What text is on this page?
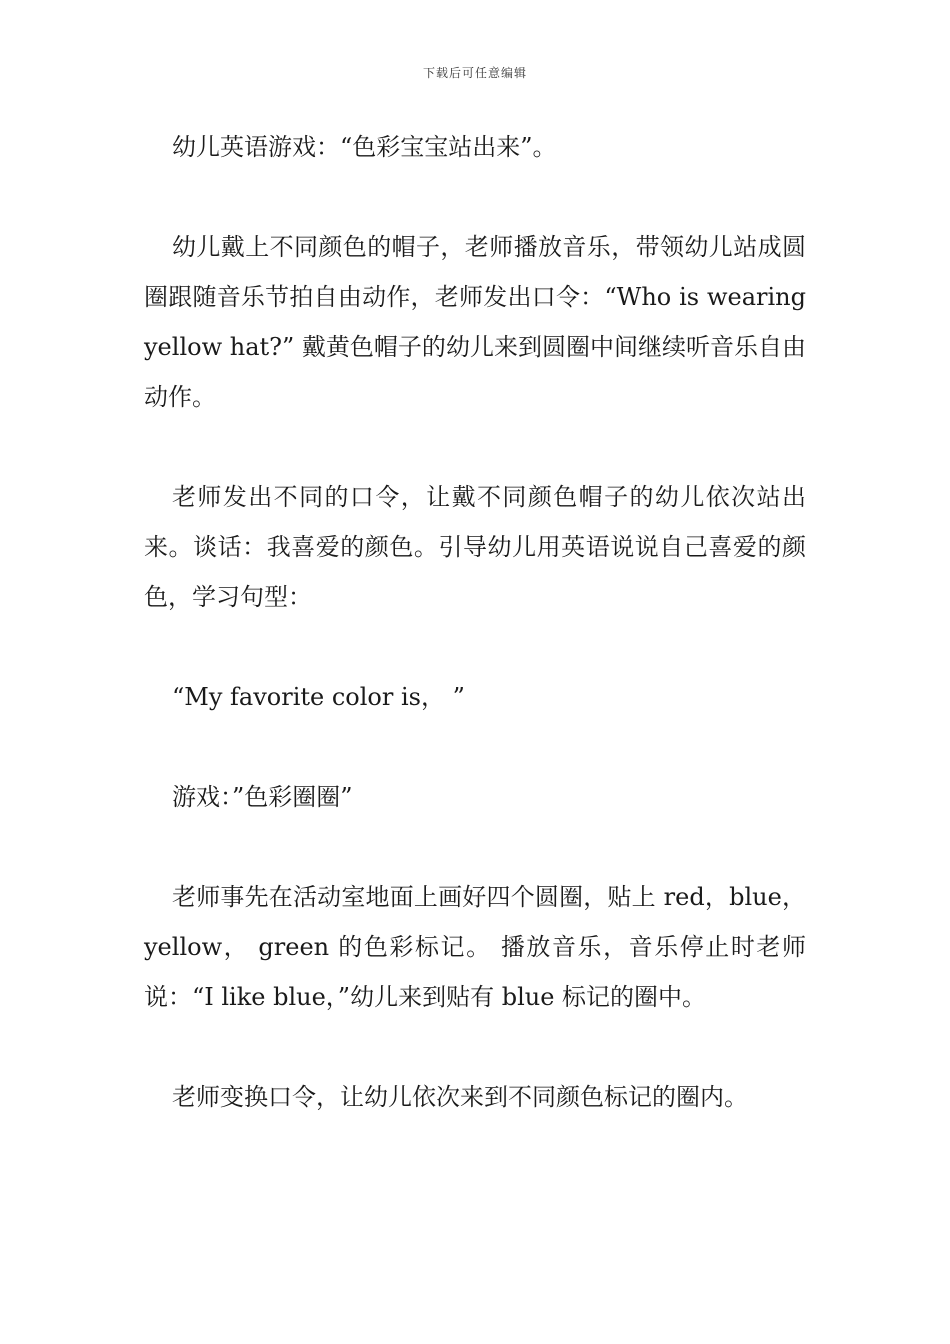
下载后可任意编辑

幼儿英语游戏：“色彩宝宝站出来”。

幼儿戴上不同颜色的帽子，老师播放音乐，带领幼儿站成圆圈跟随音乐节拍自由动作，老师发出口令：“Who is wearing yellow hat?” 戴黄色帽子的幼儿来到圆圈中间继续听音乐自由动作。

老师发出不同的口令，让戴不同颜色帽子的幼儿依次站出来。谈话：我喜爱的颜色。引导幼儿用英语说说自己喜爱的颜色，学习句型：

“My favorite color is， ”

游戏：”色彩圈圈”

老师事先在活动室地面上画好四个圆圈，贴上 red，blue， yellow， green 的色彩标记。 播放音乐，音乐停止时老师说：“I like blue，”幼儿来到贴有 blue 标记的圈中。

老师变换口令，让幼儿依次来到不同颜色标记的圈内。
